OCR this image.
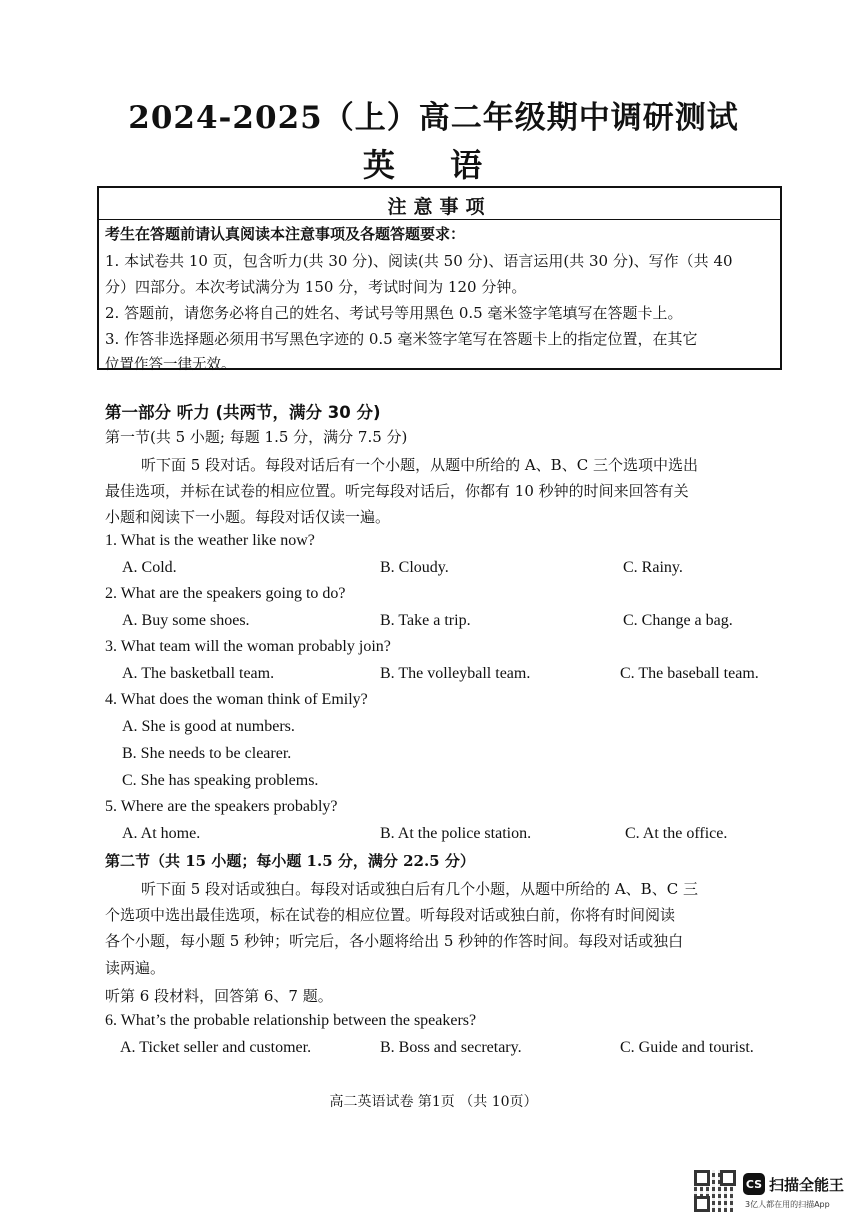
2024-2025（上）高二年级期中调研测试
英 语
注意事项
考生在答题前请认真阅读本注意事项及各题答题要求：
1. 本试卷共 10 页，包含听力(共 30 分)、阅读(共 50 分)、语言运用(共 30 分)、写作（共 40
分）四部分。本次考试满分为 150 分，考试时间为 120 分钟。
2. 答题前，请您务必将自己的姓名、考试号等用黑色 0.5 毫米签字笔填写在答题卡上。
3. 作答非选择题必须用书写黑色字迹的 0.5 毫米签字笔写在答题卡上的指定位置，在其它
位置作答一律无效。
第一部分 听力 (共两节，满分 30 分)
第一节(共 5 小题; 每题 1.5 分，满分 7.5 分)
听下面 5 段对话。每段对话后有一个小题，从题中所给的 A、B、C 三个选项中选出
最佳选项，并标在试卷的相应位置。听完每段对话后，你都有 10 秒钟的时间来回答有关
小题和阅读下一小题。每段对话仅读一遍。
1. What is the weather like now?
A. Cold.	B. Cloudy.	C. Rainy.
2. What are the speakers going to do?
A. Buy some shoes.	B. Take a trip.	C. Change a bag.
3. What team will the woman probably join?
A. The basketball team.	B. The volleyball team.	C. The baseball team.
4. What does the woman think of Emily?
A. She is good at numbers.
B. She needs to be clearer.
C. She has speaking problems.
5. Where are the speakers probably?
A. At home.	B. At the police station.	C. At the office.
第二节（共 15 小题；每小题 1.5 分，满分 22.5 分）
听下面 5 段对话或独白。每段对话或独白后有几个小题，从题中所给的 A、B、C 三
个选项中选出最佳选项，标在试卷的相应位置。听每段对话或独白前，你将有时间阅读
各个小题，每小题 5 秒钟；听完后，各小题将给出 5 秒钟的作答时间。每段对话或独白
读两遍。
听第 6 段材料，回答第 6、7 题。
6. What’s the probable relationship between the speakers?
A. Ticket seller and customer.	B. Boss and secretary.	C. Guide and tourist.
高二英语试卷 第1页 （共 10页）
CS 扫描全能王
3亿人都在用的扫描App
